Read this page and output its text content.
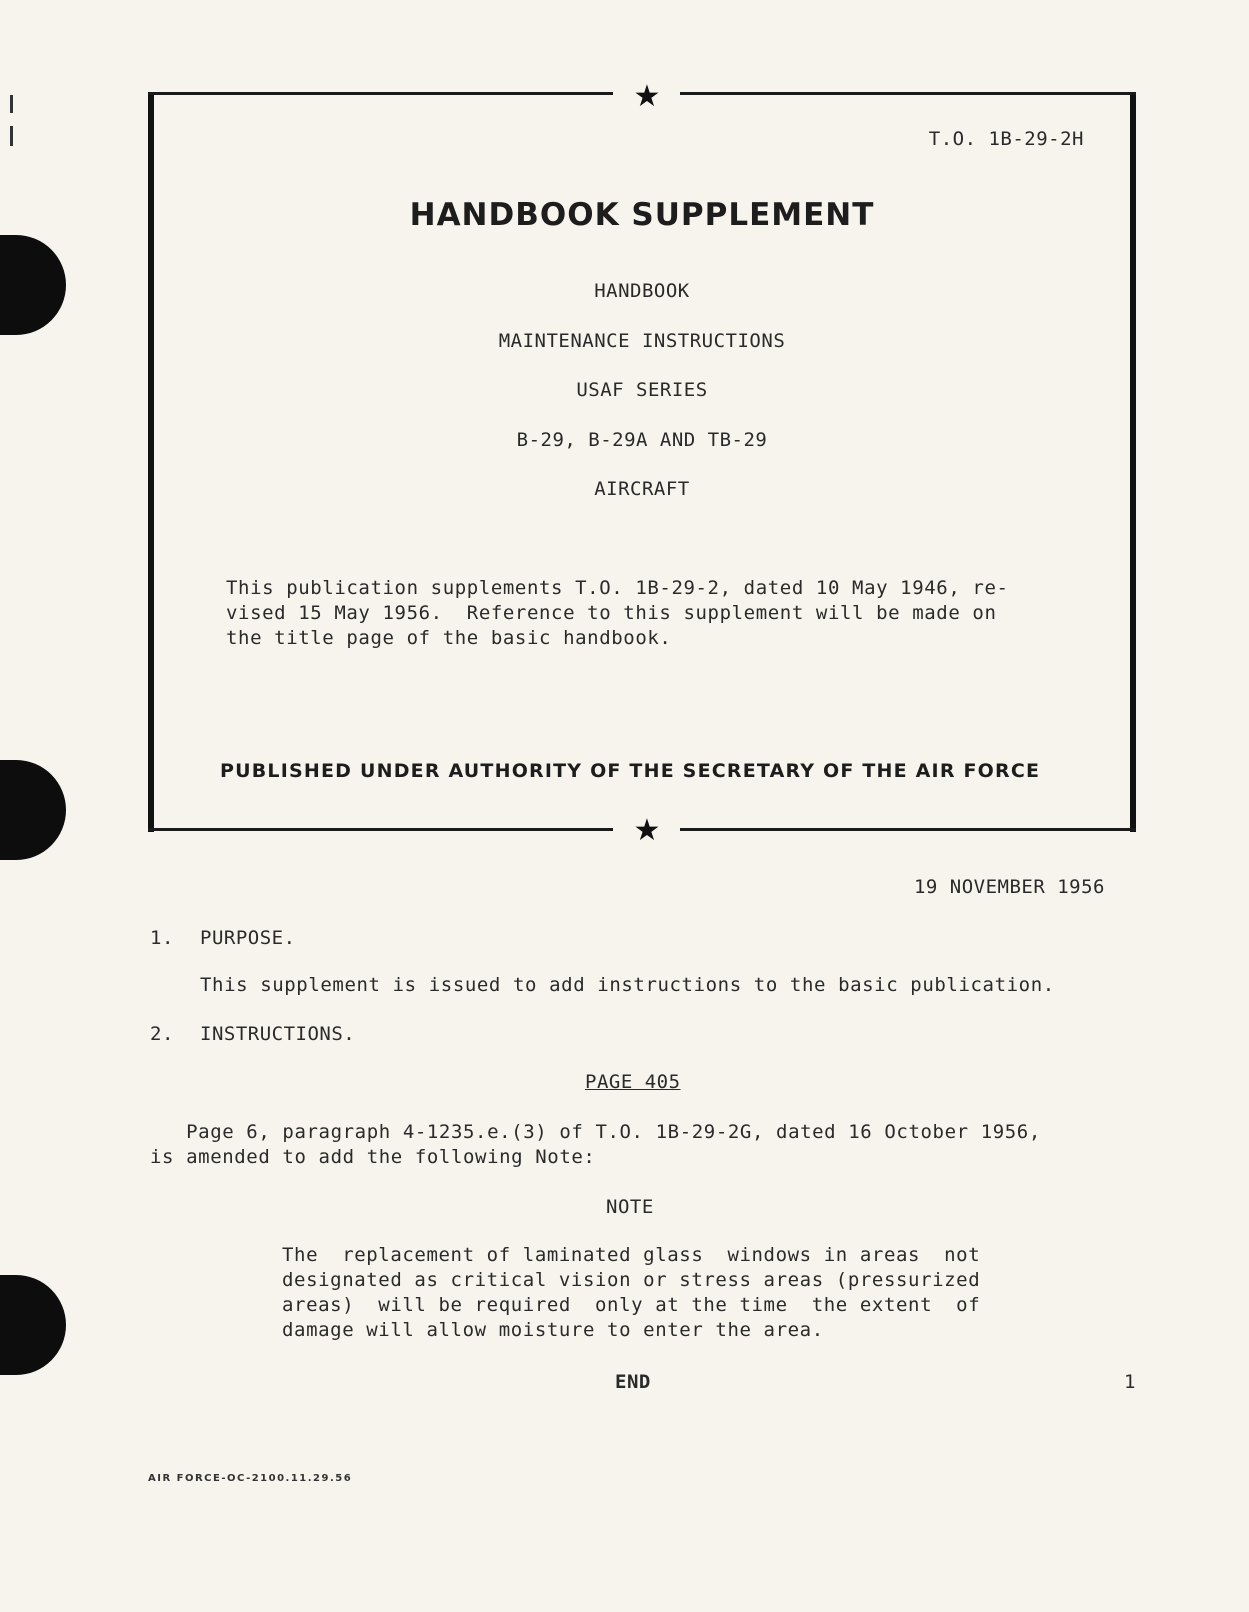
★
★
T.O. 1B-29-2H
HANDBOOK SUPPLEMENT
HANDBOOK
MAINTENANCE INSTRUCTIONS
USAF SERIES
B-29, B-29A AND TB-29
AIRCRAFT
This publication supplements T.O. 1B-29-2, dated 10 May 1946, re-
vised 15 May 1956.  Reference to this supplement will be made on
the title page of the basic handbook.
PUBLISHED UNDER AUTHORITY OF THE SECRETARY OF THE AIR FORCE
19 NOVEMBER 1956
1. PURPOSE.
This supplement is issued to add instructions to the basic publication.
2. INSTRUCTIONS.
PAGE 405
Page 6, paragraph 4-1235.e.(3) of T.O. 1B-29-2G, dated 16 October 1956,
is amended to add the following Note:
NOTE
The  replacement of laminated glass  windows in areas  not
designated as critical vision or stress areas (pressurized
areas)  will be required  only at the time  the extent  of
damage will allow moisture to enter the area.
END	1
AIR FORCE-OC-2100.11.29.56
